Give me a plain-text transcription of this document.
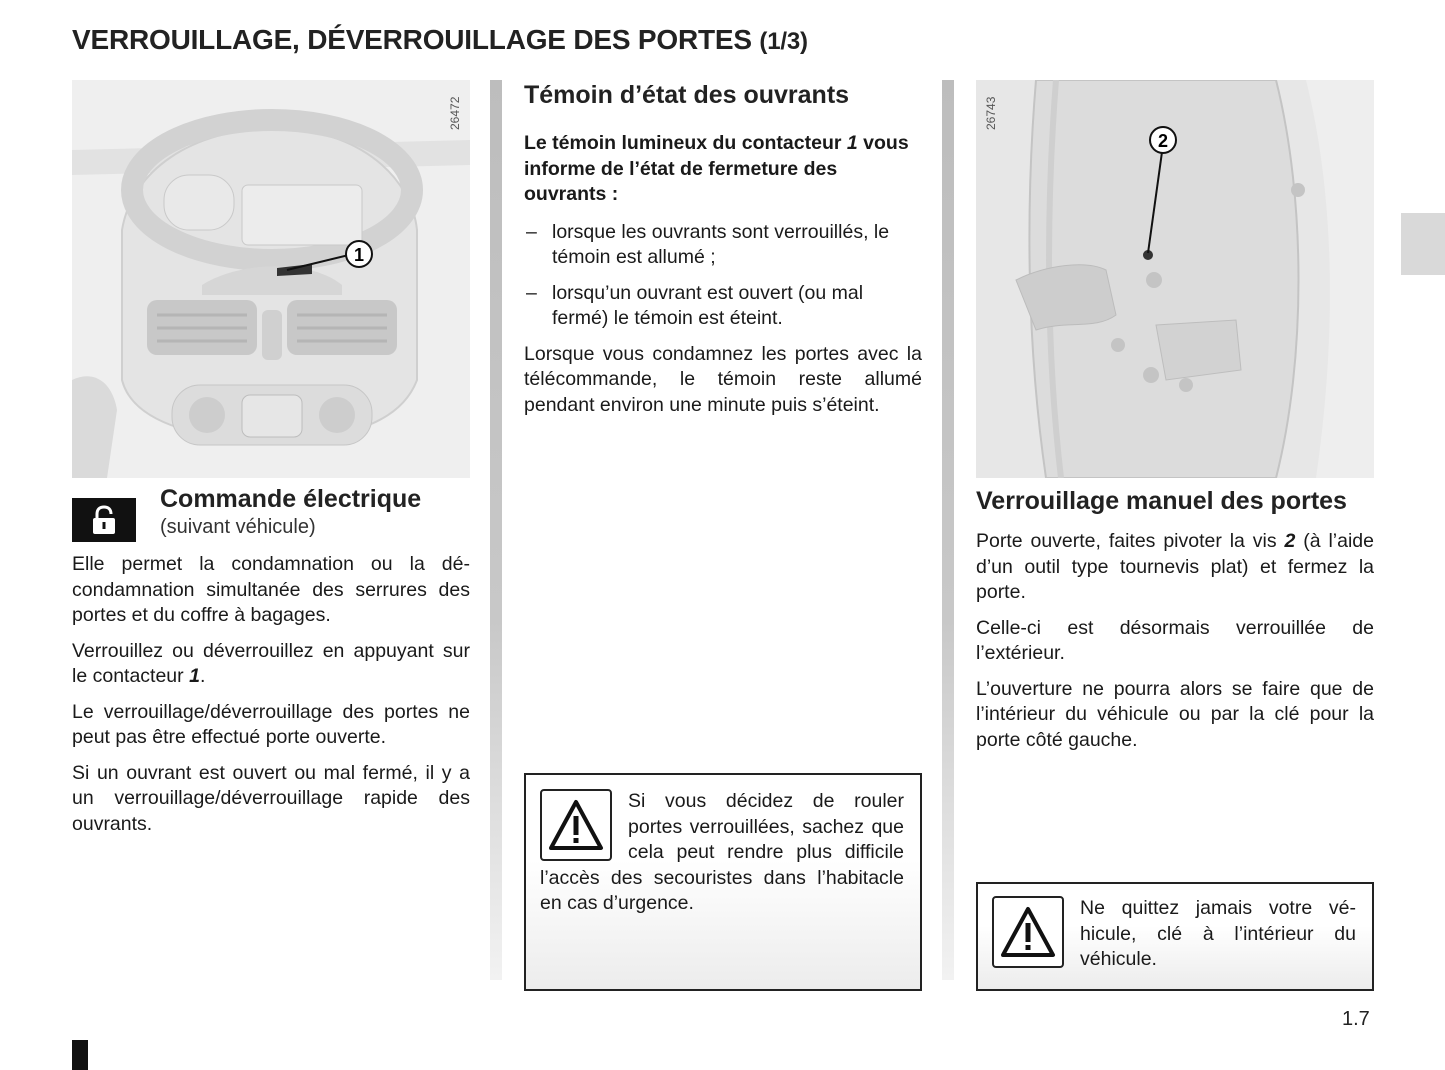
VERROUILLAGE, DÉVERROUILLAGE DES PORTES (1/3)
1
26472
Commande électrique
(suivant véhicule)

Elle permet la condamnation ou la décondamnation simultanée des serrures des portes et du coffre à bagages.

Verrouillez ou déverrouillez en appuyant sur le contacteur 1.

Le verrouillage/déverrouillage des portes ne peut pas être effectué porte ouverte.

Si un ouvrant est ouvert ou mal fermé, il y a un verrouillage/déverrouillage rapide des ouvrants.

Témoin d’état des ouvrants

Le témoin lumineux du contacteur 1 vous informe de l’état de fermeture des ouvrants :

– lorsque les ouvrants sont verrouillés, le témoin est allumé ;
– lorsqu’un ouvrant est ouvert (ou mal fermé) le témoin est éteint.

Lorsque vous condamnez les portes avec la télécommande, le témoin reste allumé pendant environ une minute puis s’éteint.

Si vous décidez de rouler portes verrouillées, sachez que cela peut rendre plus difficile l’accès des secouristes dans l’habitacle en cas d’urgence.

2
26743
Verrouillage manuel des portes

Porte ouverte, faites pivoter la vis 2 (à l’aide d’un outil type tournevis plat) et fermez la porte.

Celle-ci est désormais verrouillée de l’extérieur.

L’ouverture ne pourra alors se faire que de l’intérieur du véhicule ou par la clé pour la porte côté gauche.

Ne quittez jamais votre véhicule, clé à l’intérieur du véhicule.

1.7
